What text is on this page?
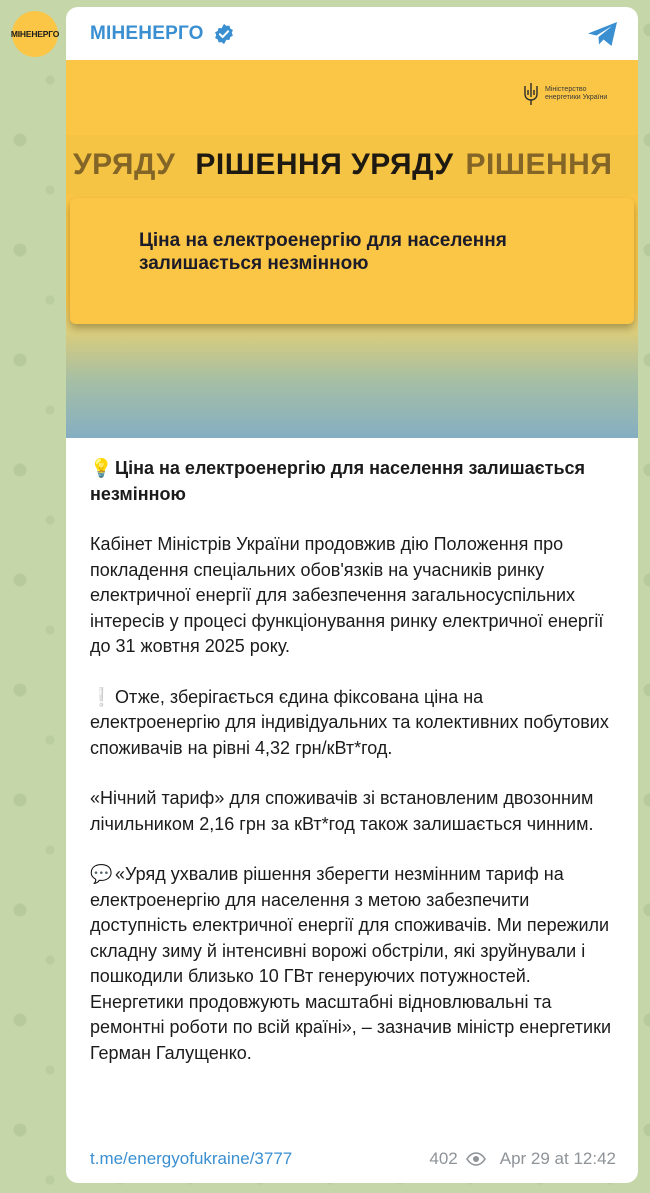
МІНЕНЕРГО МІНЕНЕРГО
Міністерство енергетики України
УРЯДУ РІШЕННЯ УРЯДУ РІШЕННЯ
Ціна на електроенергію для населення залишається незмінною
💡 Ціна на електроенергію для населення залишається незмінною
Кабінет Міністрів України продовжив дію Положення про покладення спеціальних обов'язків на учасників ринку електричної енергії для забезпечення загальносуспільних інтересів у процесі функціонування ринку електричної енергії до 31 жовтня 2025 року.
❕ Отже, зберігається єдина фіксована ціна на електроенергію для індивідуальних та колективних побутових споживачів на рівні 4,32 грн/кВт*год.
«Нічний тариф» для споживачів зі встановленим двозонним лічильником 2,16 грн за кВт*год також залишається чинним.
💬 «Уряд ухвалив рішення зберегти незмінним тариф на електроенергію для населення з метою забезпечити доступність електричної енергії для споживачів. Ми пережили складну зиму й інтенсивні ворожі обстріли, які зруйнували і пошкодили близько 10 ГВт генеруючих потужностей. Енергетики продовжують масштабні відновлювальні та ремонтні роботи по всій країні», – зазначив міністр енергетики Герман Галущенко.
t.me/energyofukraine/3777	402 Apr 29 at 12:42
